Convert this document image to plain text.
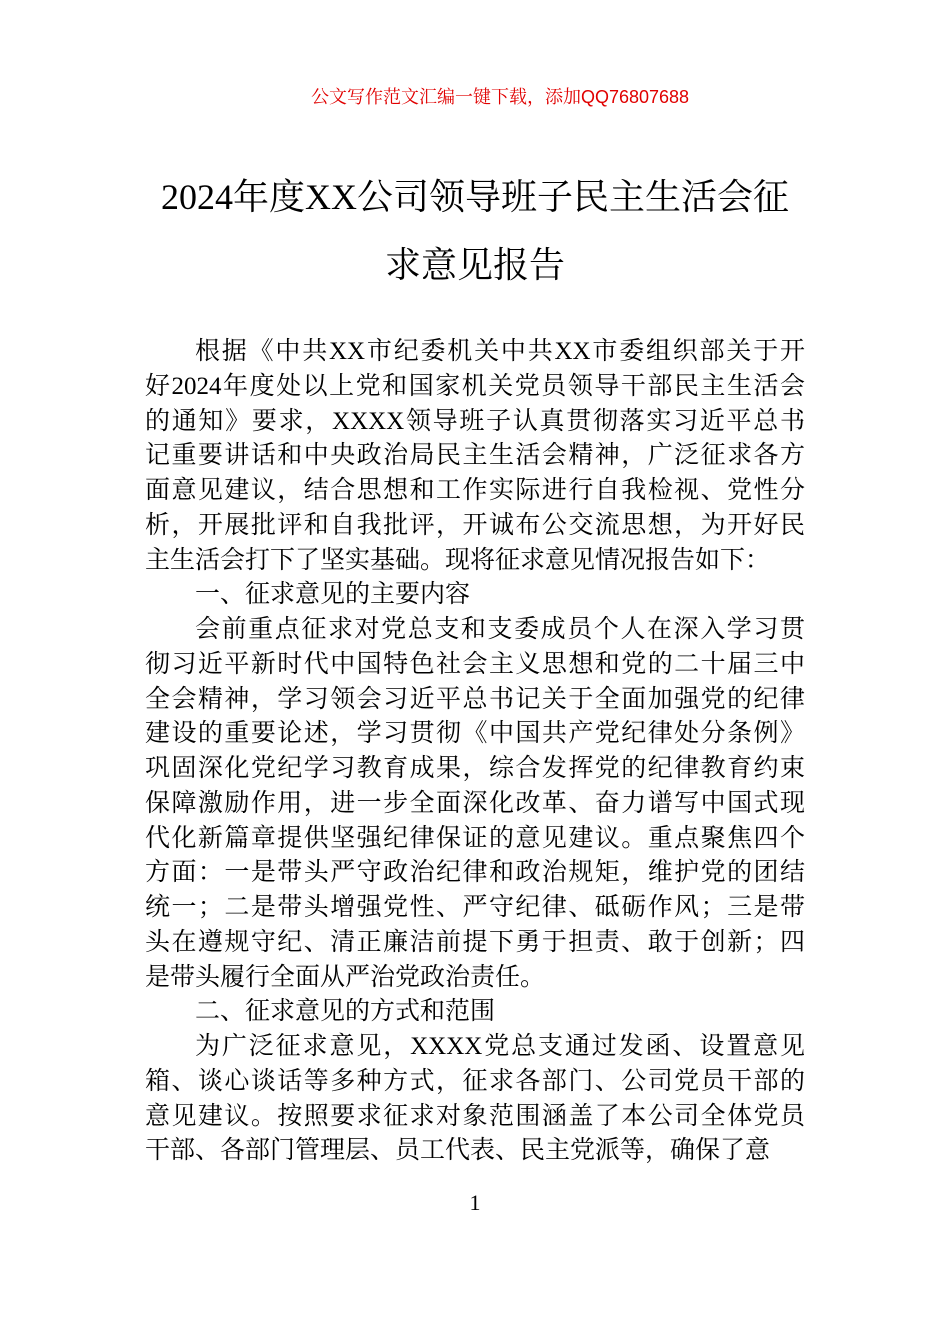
公文写作范文汇编一键下载，添加QQ76807688
2024年度XX公司领导班子民主生活会征
求意见报告
根据《中共XX市纪委机关中共XX市委组织部关于开
好2024年度处以上党和国家机关党员领导干部民主生活会
的通知》要求，XXXX领导班子认真贯彻落实习近平总书
记重要讲话和中央政治局民主生活会精神，广泛征求各方
面意见建议，结合思想和工作实际进行自我检视、党性分
析，开展批评和自我批评，开诚布公交流思想，为开好民
主生活会打下了坚实基础。现将征求意见情况报告如下：
一、征求意见的主要内容
会前重点征求对党总支和支委成员个人在深入学习贯
彻习近平新时代中国特色社会主义思想和党的二十届三中
全会精神，学习领会习近平总书记关于全面加强党的纪律
建设的重要论述，学习贯彻《中国共产党纪律处分条例》
巩固深化党纪学习教育成果，综合发挥党的纪律教育约束
保障激励作用，进一步全面深化改革、奋力谱写中国式现
代化新篇章提供坚强纪律保证的意见建议。重点聚焦四个
方面：一是带头严守政治纪律和政治规矩，维护党的团结
统一；二是带头增强党性、严守纪律、砥砺作风；三是带
头在遵规守纪、清正廉洁前提下勇于担责、敢于创新；四
是带头履行全面从严治党政治责任。
二、征求意见的方式和范围
为广泛征求意见，XXXX党总支通过发函、设置意见
箱、谈心谈话等多种方式，征求各部门、公司党员干部的
意见建议。按照要求征求对象范围涵盖了本公司全体党员
干部、各部门管理层、员工代表、民主党派等，确保了意
1
